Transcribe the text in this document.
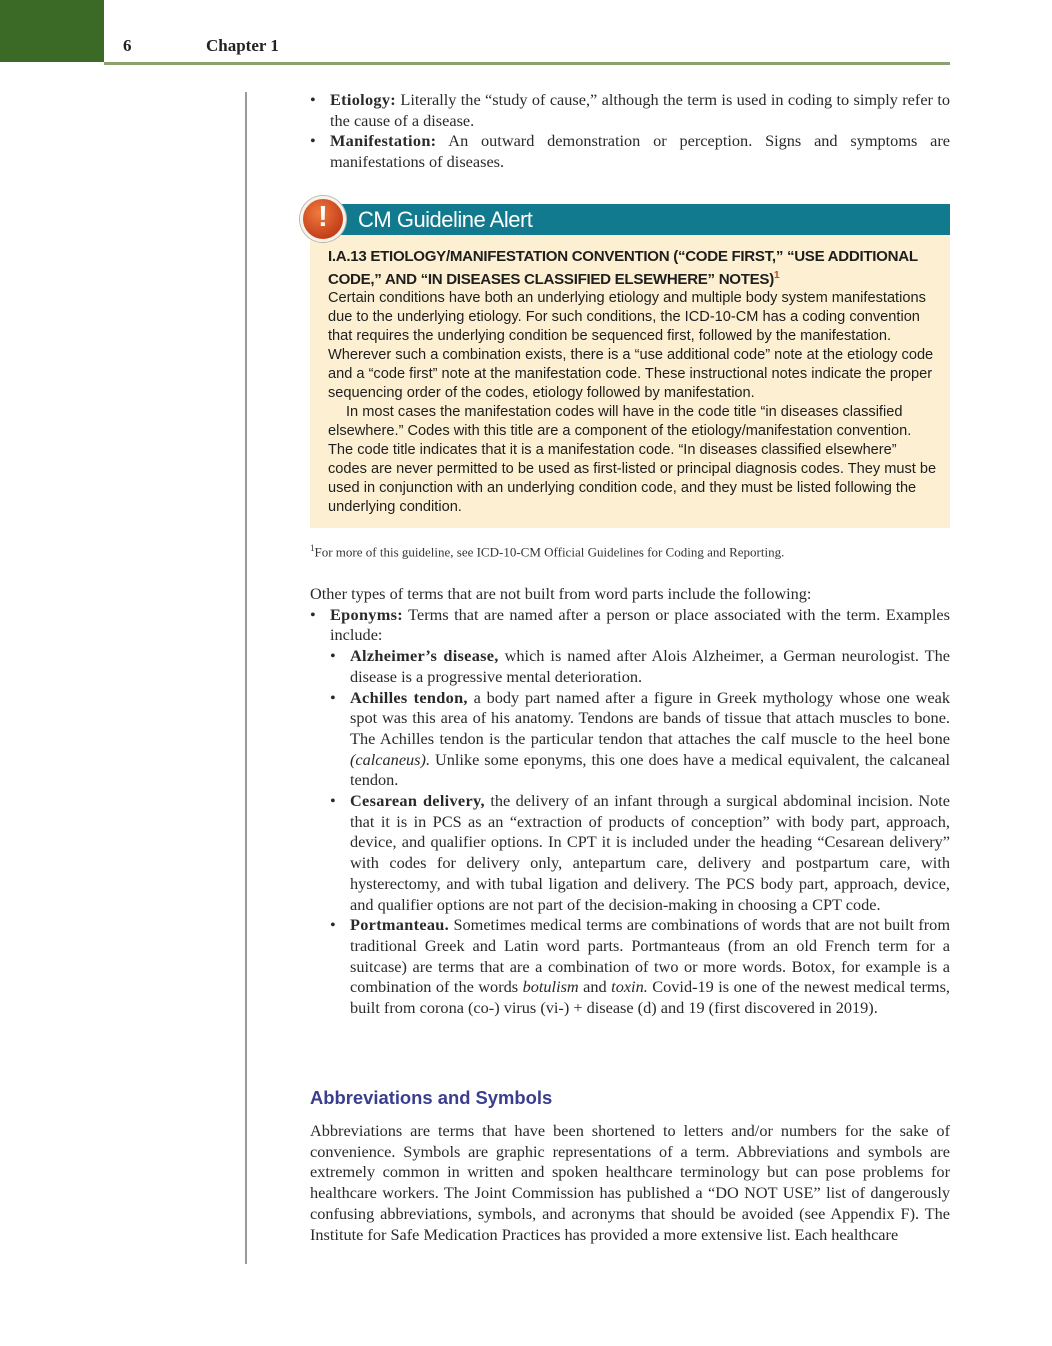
6	Chapter 1
• Etiology: Literally the “study of cause,” although the term is used in coding to simply refer to the cause of a disease.
• Manifestation: An outward demonstration or perception. Signs and symptoms are manifestations of diseases.
!	CM Guideline Alert
I.A.13 ETIOLOGY/MANIFESTATION CONVENTION (“CODE FIRST,” “USE ADDITIONAL CODE,” AND “IN DISEASES CLASSIFIED ELSEWHERE” NOTES)$^1$

Certain conditions have both an underlying etiology and multiple body system manifestations due to the underlying etiology. For such conditions, the ICD-10-CM has a coding convention that requires the underlying condition be sequenced first, followed by the manifestation. Wherever such a combination exists, there is a “use additional code” note at the etiology code and a “code first” note at the manifestation code. These instructional notes indicate the proper sequencing order of the codes, etiology followed by manifestation.

In most cases the manifestation codes will have in the code title “in diseases classified elsewhere.” Codes with this title are a component of the etiology/manifestation convention. The code title indicates that it is a manifestation code. “In diseases classified elsewhere” codes are never permitted to be used as first-listed or principal diagnosis codes. They must be used in conjunction with an underlying condition code, and they must be listed following the underlying condition.

$^1$For more of this guideline, see ICD-10-CM Official Guidelines for Coding and Reporting.

Other types of terms that are not built from word parts include the following:

• Eponyms: Terms that are named after a person or place associated with the term. Examples include:
• Alzheimer’s disease, which is named after Alois Alzheimer, a German neurologist. The disease is a progressive mental deterioration.
• Achilles tendon, a body part named after a figure in Greek mythology whose one weak spot was this area of his anatomy. Tendons are bands of tissue that attach muscles to bone. The Achilles tendon is the particular tendon that attaches the calf muscle to the heel bone (calcaneus). Unlike some eponyms, this one does have a medical equivalent, the calcaneal tendon.
• Cesarean delivery, the delivery of an infant through a surgical abdominal incision. Note that it is in PCS as an “extraction of products of conception” with body part, approach, device, and qualifier options. In CPT it is included under the heading “Cesarean delivery” with codes for delivery only, antepartum care, delivery and postpartum care, with hysterectomy, and with tubal ligation and delivery. The PCS body part, approach, device, and qualifier options are not part of the decision-making in choosing a CPT code.
• Portmanteau. Sometimes medical terms are combinations of words that are not built from traditional Greek and Latin word parts. Portmanteaus (from an old French term for a suitcase) are terms that are a combination of two or more words. Botox, for example is a combination of the words botulism and toxin. Covid-19 is one of the newest medical terms, built from corona (co-) virus (vi-) + disease (d) and 19 (first discovered in 2019).
Abbreviations and Symbols
Abbreviations are terms that have been shortened to letters and/or numbers for the sake of convenience. Symbols are graphic representations of a term. Abbreviations and symbols are extremely common in written and spoken healthcare terminology but can pose problems for healthcare workers. The Joint Commission has published a “DO NOT USE” list of dangerously confusing abbreviations, symbols, and acronyms that should be avoided (see Appendix F). The Institute for Safe Medication Practices has provided a more extensive list. Each healthcare
